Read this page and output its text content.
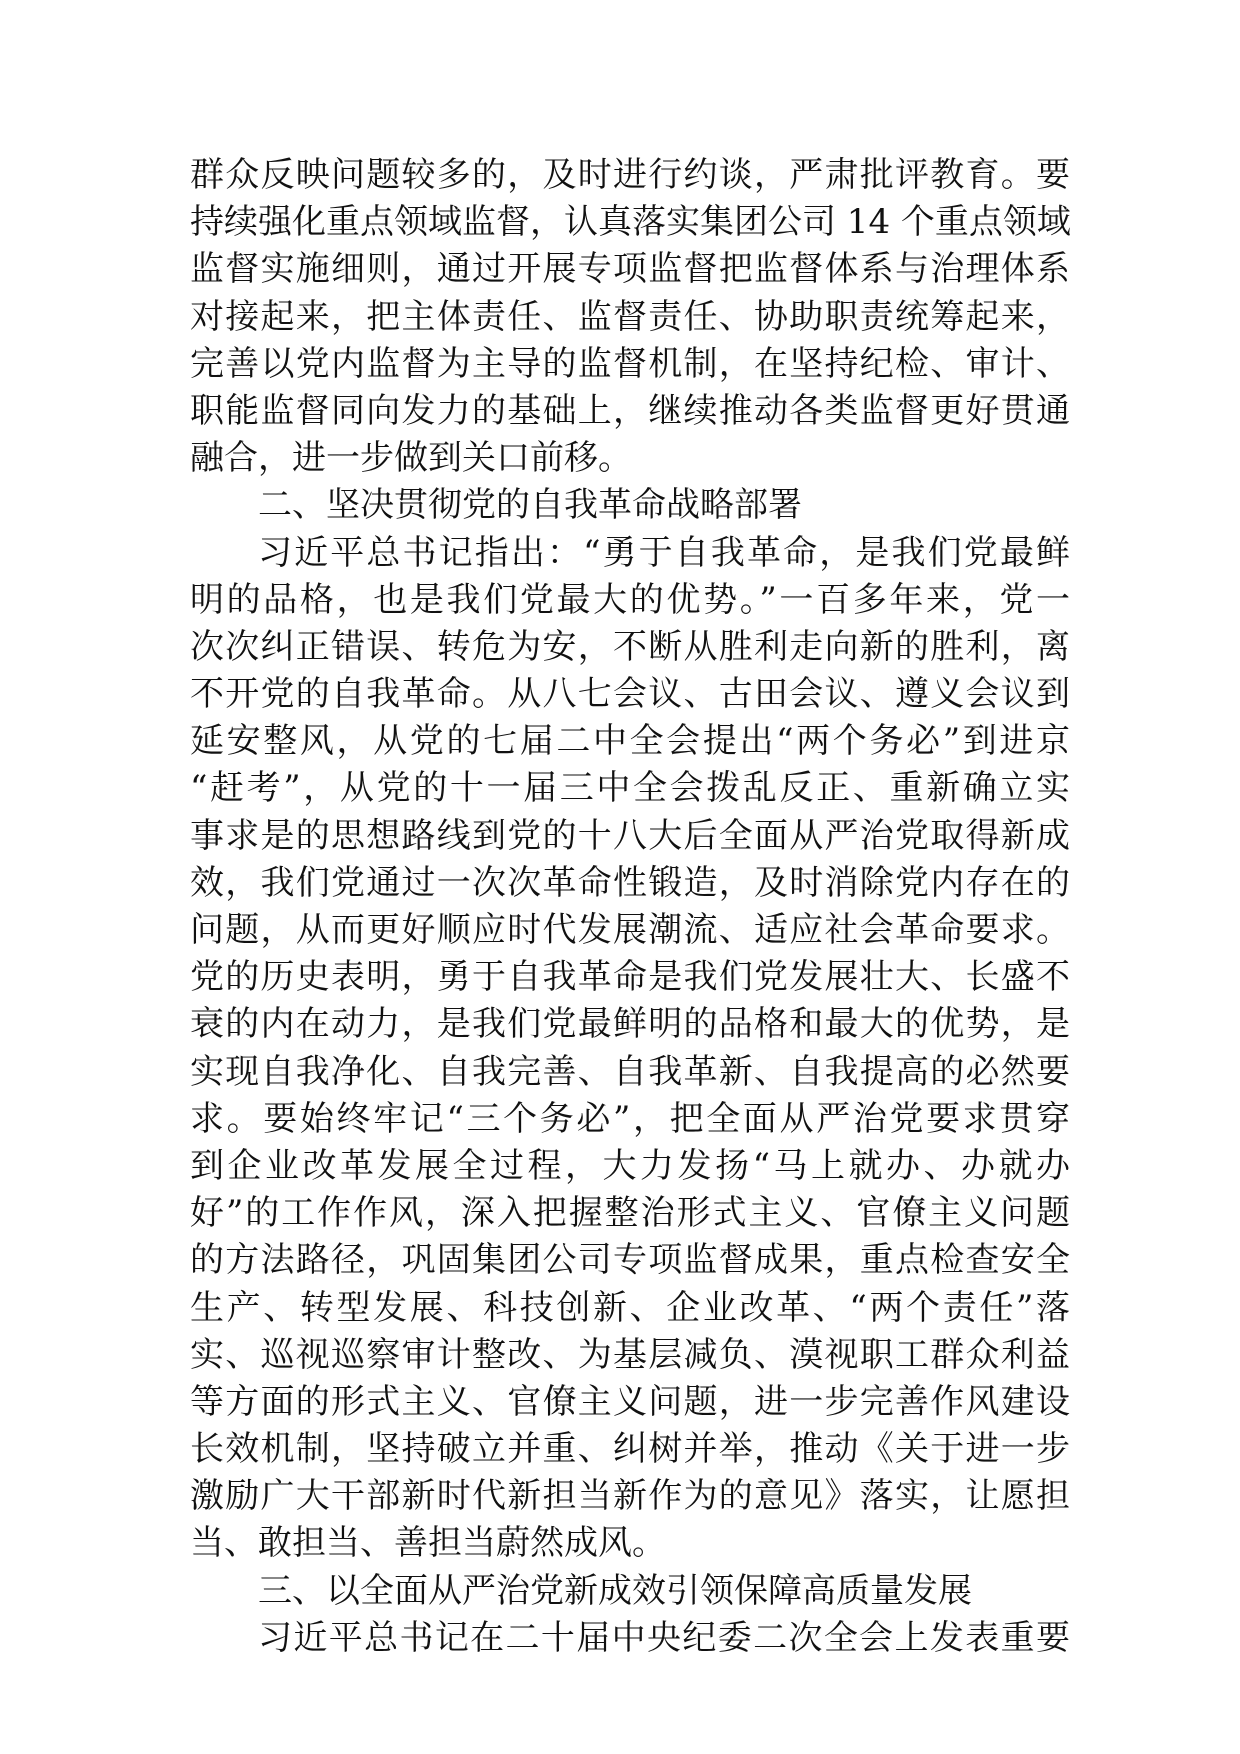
群众反映问题较多的，及时进行约谈，严肃批评教育。要
持续强化重点领域监督，认真落实集团公司 14 个重点领域
监督实施细则，通过开展专项监督把监督体系与治理体系
对接起来，把主体责任、监督责任、协助职责统筹起来，
完善以党内监督为主导的监督机制，在坚持纪检、审计、
职能监督同向发力的基础上，继续推动各类监督更好贯通
融合，进一步做到关口前移。
二、坚决贯彻党的自我革命战略部署
习近平总书记指出：“勇于自我革命，是我们党最鲜
明的品格，也是我们党最大的优势。”一百多年来，党一
次次纠正错误、转危为安，不断从胜利走向新的胜利，离
不开党的自我革命。从八七会议、古田会议、遵义会议到
延安整风，从党的七届二中全会提出“两个务必”到进京
“赶考”，从党的十一届三中全会拨乱反正、重新确立实
事求是的思想路线到党的十八大后全面从严治党取得新成
效，我们党通过一次次革命性锻造，及时消除党内存在的
问题，从而更好顺应时代发展潮流、适应社会革命要求。
党的历史表明，勇于自我革命是我们党发展壮大、长盛不
衰的内在动力，是我们党最鲜明的品格和最大的优势，是
实现自我净化、自我完善、自我革新、自我提高的必然要
求。要始终牢记“三个务必”，把全面从严治党要求贯穿
到企业改革发展全过程，大力发扬“马上就办、办就办
好”的工作作风，深入把握整治形式主义、官僚主义问题
的方法路径，巩固集团公司专项监督成果，重点检查安全
生产、转型发展、科技创新、企业改革、“两个责任”落
实、巡视巡察审计整改、为基层减负、漠视职工群众利益
等方面的形式主义、官僚主义问题，进一步完善作风建设
长效机制，坚持破立并重、纠树并举，推动《关于进一步
激励广大干部新时代新担当新作为的意见》落实，让愿担
当、敢担当、善担当蔚然成风。
三、以全面从严治党新成效引领保障高质量发展
习近平总书记在二十届中央纪委二次全会上发表重要
